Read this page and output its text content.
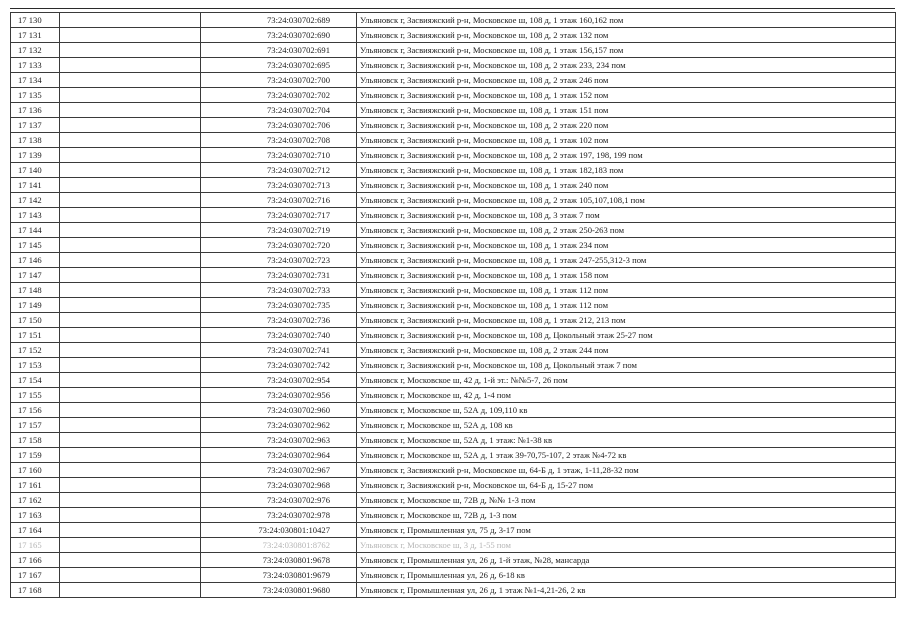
17 130		73:24:030702:689	Ульяновск г, Засвияжский р-н, Московское ш, 108 д, 1 этаж 160,162 пом
17 131		73:24:030702:690	Ульяновск г, Засвияжский р-н, Московское ш, 108 д, 2 этаж 132 пом
17 132		73:24:030702:691	Ульяновск г, Засвияжский р-н, Московское ш, 108 д, 1 этаж 156,157 пом
17 133		73:24:030702:695	Ульяновск г, Засвияжский р-н, Московское ш, 108 д, 2 этаж 233, 234 пом
17 134		73:24:030702:700	Ульяновск г, Засвияжский р-н, Московское ш, 108 д, 2 этаж 246 пом
17 135		73:24:030702:702	Ульяновск г, Засвияжский р-н, Московское ш, 108 д, 1 этаж 152 пом
17 136		73:24:030702:704	Ульяновск г, Засвияжский р-н, Московское ш, 108 д, 1 этаж 151 пом
17 137		73:24:030702:706	Ульяновск г, Засвияжский р-н, Московское ш, 108 д, 2 этаж 220 пом
17 138		73:24:030702:708	Ульяновск г, Засвияжский р-н, Московское ш, 108 д, 1 этаж 102 пом
17 139		73:24:030702:710	Ульяновск г, Засвияжский р-н, Московское ш, 108 д, 2 этаж 197, 198, 199 пом
17 140		73:24:030702:712	Ульяновск г, Засвияжский р-н, Московское ш, 108 д, 1 этаж 182,183 пом
17 141		73:24:030702:713	Ульяновск г, Засвияжский р-н, Московское ш, 108 д, 1 этаж 240 пом
17 142		73:24:030702:716	Ульяновск г, Засвияжский р-н, Московское ш, 108 д, 2 этаж 105,107,108,1 пом
17 143		73:24:030702:717	Ульяновск г, Засвияжский р-н, Московское ш, 108 д, 3 этаж 7 пом
17 144		73:24:030702:719	Ульяновск г, Засвияжский р-н, Московское ш, 108 д, 2 этаж 250-263 пом
17 145		73:24:030702:720	Ульяновск г, Засвияжский р-н, Московское ш, 108 д, 1 этаж 234 пом
17 146		73:24:030702:723	Ульяновск г, Засвияжский р-н, Московское ш, 108 д, 1 этаж 247-255,312-3 пом
17 147		73:24:030702:731	Ульяновск г, Засвияжский р-н, Московское ш, 108 д, 1 этаж 158 пом
17 148		73:24:030702:733	Ульяновск г, Засвияжский р-н, Московское ш, 108 д, 1 этаж 112 пом
17 149		73:24:030702:735	Ульяновск г, Засвияжский р-н, Московское ш, 108 д, 1 этаж 112 пом
17 150		73:24:030702:736	Ульяновск г, Засвияжский р-н, Московское ш, 108 д, 1 этаж 212, 213 пом
17 151		73:24:030702:740	Ульяновск г, Засвияжский р-н, Московское ш, 108 д, Цокольный этаж 25-27 пом
17 152		73:24:030702:741	Ульяновск г, Засвияжский р-н, Московское ш, 108 д, 2 этаж 244 пом
17 153		73:24:030702:742	Ульяновск г, Засвияжский р-н, Московское ш, 108 д, Цокольный этаж 7 пом
17 154		73:24:030702:954	Ульяновск г, Московское ш, 42 д, 1-й эт.: №№5-7, 26 пом
17 155		73:24:030702:956	Ульяновск г, Московское ш, 42 д, 1-4 пом
17 156		73:24:030702:960	Ульяновск г, Московское ш, 52А д, 109,110 кв
17 157		73:24:030702:962	Ульяновск г, Московское ш, 52А д, 108 кв
17 158		73:24:030702:963	Ульяновск г, Московское ш, 52А д, 1 этаж: №1-38 кв
17 159		73:24:030702:964	Ульяновск г, Московское ш, 52А д, 1 этаж 39-70,75-107, 2 этаж №4-72 кв
17 160		73:24:030702:967	Ульяновск г, Засвияжский р-н, Московское ш, 64-Б д, 1 этаж, 1-11,28-32 пом
17 161		73:24:030702:968	Ульяновск г, Засвияжский р-н, Московское ш, 64-Б д, 15-27 пом
17 162		73:24:030702:976	Ульяновск г, Московское ш, 72В д, №№ 1-3 пом
17 163		73:24:030702:978	Ульяновск г, Московское ш, 72В д, 1-3 пом
17 164		73:24:030801:10427	Ульяновск г, Промышленная ул, 75 д, 3-17 пом
17 165		73:24:030801:8762	Ульяновск г, Московское ш, 3 д, 1-55 пом
17 166		73:24:030801:9678	Ульяновск г, Промышленная ул, 26 д, 1-й этаж, №28, мансарда
17 167		73:24:030801:9679	Ульяновск г, Промышленная ул, 26 д, 6-18 кв
17 168		73:24:030801:9680	Ульяновск г, Промышленная ул, 26 д, 1 этаж №1-4,21-26, 2 кв
